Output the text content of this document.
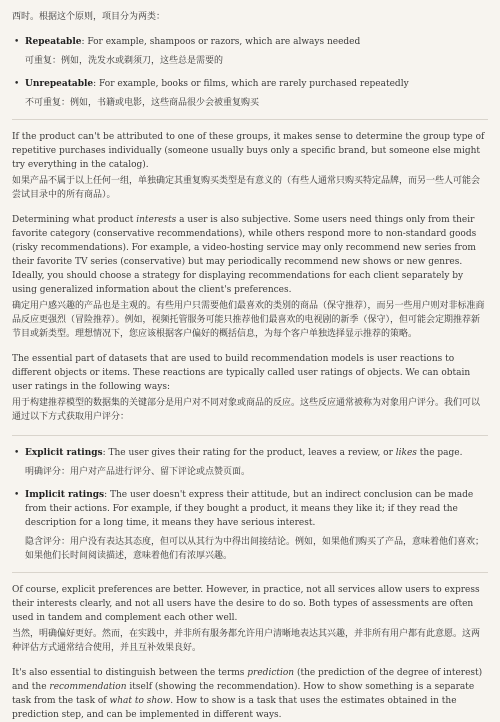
西时。根据这个原则，项目分为两类：

• Repeatable: For example, shampoos or razors, which are always needed

可重复：例如，洗发水或剃须刀，这些总是需要的

• Unrepeatable: For example, books or films, which are rarely purchased repeatedly

不可重复：例如，书籍或电影，这些商品很少会被重复购买

If the product can't be attributed to one of these groups, it makes sense to determine the group type of repetitive purchases individually (someone usually buys only a specific brand, but someone else might try everything in the catalog).

如果产品不属于以上任何一组，单独确定其重复购买类型是有意义的（有些人通常只购买特定品牌，而另一些人可能会尝试目录中的所有商品）。

Determining what product interests a user is also subjective. Some users need things only from their favorite category (conservative recommendations), while others respond more to non-standard goods (risky recommendations). For example, a video-hosting service may only recommend new series from their favorite TV series (conservative) but may periodically recommend new shows or new genres. Ideally, you should choose a strategy for displaying recommendations for each client separately by using generalized information about the client's preferences.

确定用户感兴趣的产品也是主观的。有些用户只需要他们最喜欢的类别的商品（保守推荐），而另一些用户则对非标准商品反应更强烈（冒险推荐）。例如，视频托管服务可能只推荐他们最喜欢的电视剧的新季（保守），但可能会定期推荐新节目或新类型。理想情况下，您应该根据客户偏好的概括信息，为每个客户单独选择显示推荐的策略。

The essential part of datasets that are used to build recommendation models is user reactions to different objects or items. These reactions are typically called user ratings of objects. We can obtain user ratings in the following ways:

用于构建推荐模型的数据集的关键部分是用户对不同对象或商品的反应。这些反应通常被称为对象用户评分。我们可以通过以下方式获取用户评分：

• Explicit ratings: The user gives their rating for the product, leaves a review, or likes the page.

明确评分：用户对产品进行评分、留下评论或点赞页面。

• Implicit ratings: The user doesn't express their attitude, but an indirect conclusion can be made from their actions. For example, if they bought a product, it means they like it; if they read the description for a long time, it means they have serious interest.

隐含评分：用户没有表达其态度，但可以从其行为中得出间接结论。例如，如果他们购买了产品，意味着他们喜欢；如果他们长时间阅读描述，意味着他们有浓厚兴趣。

Of course, explicit preferences are better. However, in practice, not all services allow users to express their interests clearly, and not all users have the desire to do so. Both types of assessments are often used in tandem and complement each other well.

当然，明确偏好更好。然而，在实践中，并非所有服务都允许用户清晰地表达其兴趣，并非所有用户都有此意愿。这两种评估方式通常结合使用，并且互补效果良好。

It's also essential to distinguish between the terms prediction (the prediction of the degree of interest) and the recommendation itself (showing the recommendation). How to show something is a separate task from the task of what to show. How to show is a task that uses the estimates obtained in the prediction step, and can be implemented in different ways.
